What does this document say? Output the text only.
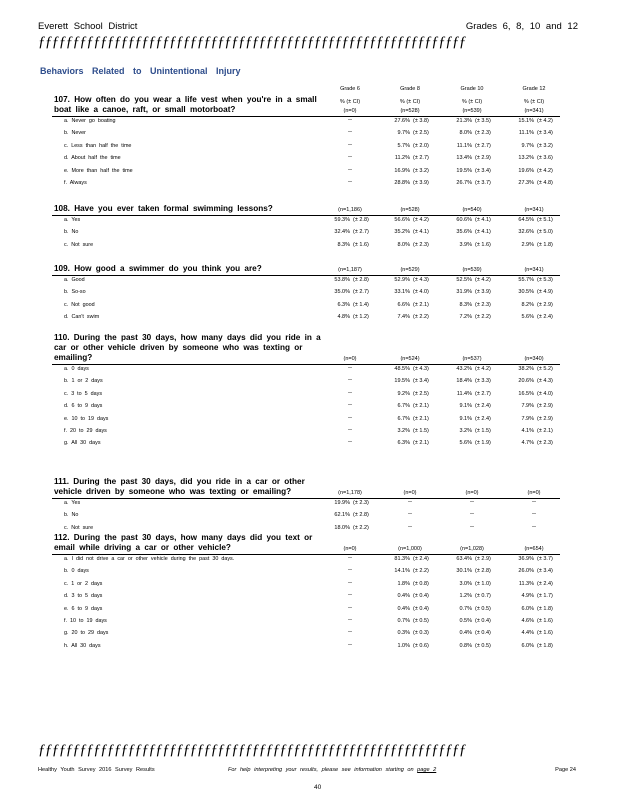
Everett School District	Grades 6, 8, 10 and 12
ƒƒƒƒƒƒƒƒƒƒƒƒƒƒƒƒƒƒƒƒƒƒƒƒƒƒƒƒƒƒƒƒƒƒƒƒƒƒƒƒƒƒƒƒƒƒƒƒƒƒƒƒƒƒƒƒƒƒƒƒƒƒ
Behaviors Related to Unintentional Injury
Grade 6
% (± CI)
Grade 8
% (± CI)
Grade 10
% (± CI)
Grade 12
% (± CI)
107. How often do you wear a life vest when you're in a small boat like a canoe, raft, or small motorboat?	(n=0)	(n=528)	(n=539)	(n=341)
a. Never go boating	--	27.6% (± 3.8)	21.3% (± 3.5)	15.1% (± 4.2)
b. Never	--	9.7% (± 2.5)	8.0% (± 2.3)	11.1% (± 3.4)
c. Less than half the time	--	5.7% (± 2.0)	11.1% (± 2.7)	9.7% (± 3.2)
d. About half the time	--	11.2% (± 2.7)	13.4% (± 2.9)	13.2% (± 3.6)
e. More than half the time	--	16.9% (± 3.2)	19.5% (± 3.4)	19.6% (± 4.2)
f. Always	--	28.8% (± 3.9)	26.7% (± 3.7)	27.3% (± 4.8)
108. Have you ever taken formal swimming lessons?	(n=1,186)	(n=528)	(n=540)	(n=341)
a. Yes	59.3% (± 2.8)	56.6% (± 4.2)	60.6% (± 4.1)	64.5% (± 5.1)
b. No	32.4% (± 2.7)	35.2% (± 4.1)	35.6% (± 4.1)	32.6% (± 5.0)
c. Not sure	8.3% (± 1.6)	8.0% (± 2.3)	3.9% (± 1.6)	2.9% (± 1.8)
109. How good a swimmer do you think you are?	(n=1,187)	(n=529)	(n=539)	(n=341)
a. Good	53.8% (± 2.8)	52.9% (± 4.3)	52.5% (± 4.2)	55.7% (± 5.3)
b. So-so	35.0% (± 2.7)	33.1% (± 4.0)	31.9% (± 3.9)	30.5% (± 4.9)
c. Not good	6.3% (± 1.4)	6.6% (± 2.1)	8.3% (± 2.3)	8.2% (± 2.9)
d. Can't swim	4.8% (± 1.2)	7.4% (± 2.2)	7.2% (± 2.2)	5.6% (± 2.4)
110. During the past 30 days, how many days did you ride in a car or other vehicle driven by someone who was texting or emailing?	(n=0)	(n=524)	(n=537)	(n=340)
a. 0 days	--	48.5% (± 4.3)	43.2% (± 4.2)	38.2% (± 5.2)
b. 1 or 2 days	--	19.5% (± 3.4)	18.4% (± 3.3)	20.6% (± 4.3)
c. 3 to 5 days	--	9.2% (± 2.5)	11.4% (± 2.7)	16.5% (± 4.0)
d. 6 to 9 days	--	6.7% (± 2.1)	9.1% (± 2.4)	7.9% (± 2.9)
e. 10 to 19 days	--	6.7% (± 2.1)	9.1% (± 2.4)	7.9% (± 2.9)
f. 20 to 29 days	--	3.2% (± 1.5)	3.2% (± 1.5)	4.1% (± 2.1)
g. All 30 days	--	6.3% (± 2.1)	5.6% (± 1.9)	4.7% (± 2.3)
111. During the past 30 days, did you ride in a car or other vehicle driven by someone who was texting or emailing?	(n=1,178)	(n=0)	(n=0)	(n=0)
a. Yes	19.9% (± 2.3)	--	--	--
b. No	62.1% (± 2.8)	--	--	--
c. Not sure	18.0% (± 2.2)	--	--	--
112. During the past 30 days, how many days did you text or email while driving a car or other vehicle?	(n=0)	(n=1,000)	(n=1,028)	(n=654)
a. I did not drive a car or other vehicle during the past 30 days.	--	81.3% (± 2.4)	63.4% (± 2.9)	36.9% (± 3.7)
b. 0 days	--	14.1% (± 2.2)	30.1% (± 2.8)	26.0% (± 3.4)
c. 1 or 2 days	--	1.8% (± 0.8)	3.0% (± 1.0)	11.3% (± 2.4)
d. 3 to 5 days	--	0.4% (± 0.4)	1.2% (± 0.7)	4.9% (± 1.7)
e. 6 to 9 days	--	0.4% (± 0.4)	0.7% (± 0.5)	6.0% (± 1.8)
f. 10 to 19 days	--	0.7% (± 0.5)	0.5% (± 0.4)	4.6% (± 1.6)
g. 20 to 29 days	--	0.3% (± 0.3)	0.4% (± 0.4)	4.4% (± 1.6)
h. All 30 days	--	1.0% (± 0.6)	0.8% (± 0.5)	6.0% (± 1.8)
ƒƒƒƒƒƒƒƒƒƒƒƒƒƒƒƒƒƒƒƒƒƒƒƒƒƒƒƒƒƒƒƒƒƒƒƒƒƒƒƒƒƒƒƒƒƒƒƒƒƒƒƒƒƒƒƒƒƒƒƒƒƒ
Healthy Youth Survey 2016 Survey Results	For help interpreting your results, please see information starting on page 2	Page 24
40
